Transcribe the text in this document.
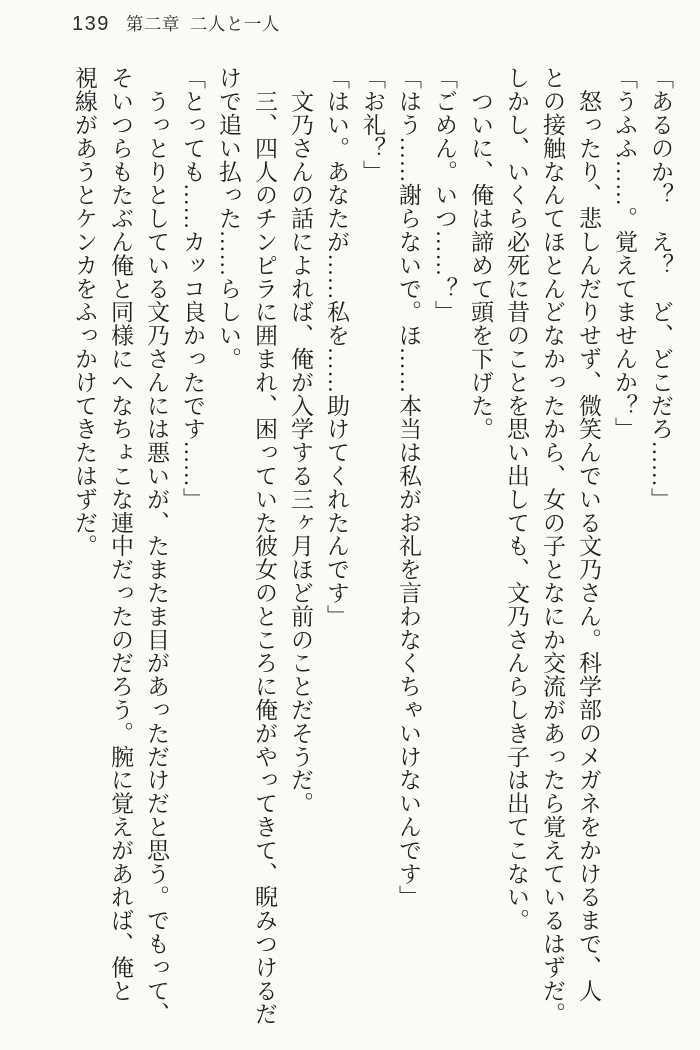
139 第二章 二人と一人
「あるのか？　え？　ど、どこだろ……」
「うふふ……。覚えてませんか？」
　怒ったり、悲しんだりせず、微笑んでいる文乃さん。科学部のメガネをかけるまで、人
との接触なんてほとんどなかったから、女の子となにか交流があったら覚えているはずだ。
しかし、いくら必死に昔のことを思い出しても、文乃さんらしき子は出てこない。
　ついに、俺は諦めて頭を下げた。
「ごめん。いつ……？」
「はう……謝らないで。ほ……本当は私がお礼を言わなくちゃいけないんです」
「お礼？」
「はい。あなたが……私を……助けてくれたんです」
　文乃さんの話によれば、俺が入学する三ヶ月ほど前のことだそうだ。
　三、四人のチンピラに囲まれ、困っていた彼女のところに俺がやってきて、睨みつけるだ
けで追い払った……らしい。
「とっても……カッコ良かったです……」
　うっとりとしている文乃さんには悪いが、たまたま目があっただけだと思う。でもって、
そいつらもたぶん俺と同様にへなちょこな連中だったのだろう。腕に覚えがあれば、俺と
視線があうとケンカをふっかけてきたはずだ。
